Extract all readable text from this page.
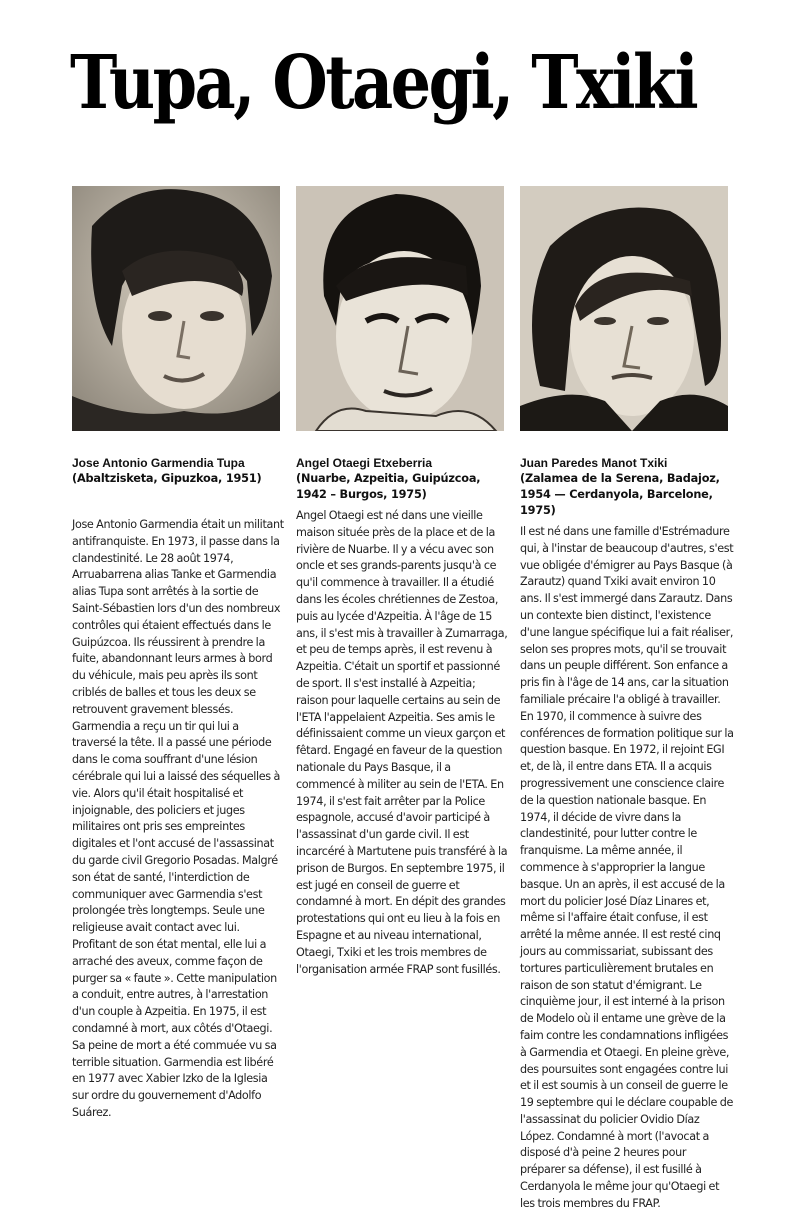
Tupa, Otaegi, Txiki
Jose Antonio Garmendia Tupa
(Abaltzisketa, Gipuzkoa, 1951)

Jose Antonio Garmendia était un militant antifranquiste. En 1973, il passe dans la clandestinité. Le 28 août 1974, Arruabarrena alias Tanke et Garmendia alias Tupa sont arrêtés à la sortie de Saint-Sébastien lors d'un des nombreux contrôles qui étaient effectués dans le Guipúzcoa. Ils réussirent à prendre la fuite, abandonnant leurs armes à bord du véhicule, mais peu après ils sont criblés de balles et tous les deux se retrouvent gravement blessés. Garmendia a reçu un tir qui lui a traversé la tête. Il a passé une période dans le coma souffrant d'une lésion cérébrale qui lui a laissé des séquelles à vie. Alors qu'il était hospitalisé et injoignable, des policiers et juges militaires ont pris ses empreintes digitales et l'ont accusé de l'assassinat du garde civil Gregorio Posadas. Malgré son état de santé, l'interdiction de communiquer avec Garmendia s'est prolongée très longtemps. Seule une religieuse avait contact avec lui. Profitant de son état mental, elle lui a arraché des aveux, comme façon de purger sa « faute ». Cette manipulation a conduit, entre autres, à l'arrestation d'un couple à Azpeitia. En 1975, il est condamné à mort, aux côtés d'Otaegi. Sa peine de mort a été commuée vu sa terrible situation. Garmendia est libéré en 1977 avec Xabier Izko de la Iglesia sur ordre du gouvernement d'Adolfo Suárez.

Angel Otaegi Etxeberria
(Nuarbe, Azpeitia, Guipúzcoa, 1942 – Burgos, 1975)

Angel Otaegi est né dans une vieille maison située près de la place et de la rivière de Nuarbe. Il y a vécu avec son oncle et ses grands-parents jusqu'à ce qu'il commence à travailler. Il a étudié dans les écoles chrétiennes de Zestoa, puis au lycée d'Azpeitia. À l'âge de 15 ans, il s'est mis à travailler à Zumarraga, et peu de temps après, il est revenu à Azpeitia. C'était un sportif et passionné de sport. Il s'est installé à Azpeitia; raison pour laquelle certains au sein de l'ETA l'appelaient Azpeitia. Ses amis le définissaient comme un vieux garçon et fêtard. Engagé en faveur de la question nationale du Pays Basque, il a commencé à militer au sein de l'ETA. En 1974, il s'est fait arrêter par la Police espagnole, accusé d'avoir participé à l'assassinat d'un garde civil. Il est incarcéré à Martutene puis transféré à la prison de Burgos. En septembre 1975, il est jugé en conseil de guerre et condamné à mort. En dépit des grandes protestations qui ont eu lieu à la fois en Espagne et au niveau international, Otaegi, Txiki et les trois membres de l'organisation armée FRAP sont fusillés.

Juan Paredes Manot Txiki
(Zalamea de la Serena, Badajoz, 1954 — Cerdanyola, Barcelone, 1975)

Il est né dans une famille d'Estrémadure qui, à l'instar de beaucoup d'autres, s'est vue obligée d'émigrer au Pays Basque (à Zarautz) quand Txiki avait environ 10 ans. Il s'est immergé dans Zarautz. Dans un contexte bien distinct, l'existence d'une langue spécifique lui a fait réaliser, selon ses propres mots, qu'il se trouvait dans un peuple différent. Son enfance a pris fin à l'âge de 14 ans, car la situation familiale précaire l'a obligé à travailler. En 1970, il commence à suivre des conférences de formation politique sur la question basque. En 1972, il rejoint EGI et, de là, il entre dans ETA. Il a acquis progressivement une conscience claire de la question nationale basque. En 1974, il décide de vivre dans la clandestinité, pour lutter contre le franquisme. La même année, il commence à s'approprier la langue basque. Un an après, il est accusé de la mort du policier José Díaz Linares et, même si l'affaire était confuse, il est arrêté la même année. Il est resté cinq jours au commissariat, subissant des tortures particulièrement brutales en raison de son statut d'émigrant. Le cinquième jour, il est interné à la prison de Modelo où il entame une grève de la faim contre les condamnations infligées à Garmendia et Otaegi. En pleine grève, des poursuites sont engagées contre lui et il est soumis à un conseil de guerre le 19 septembre qui le déclare coupable de l'assassinat du policier Ovidio Díaz López. Condamné à mort (l'avocat a disposé d'à peine 2 heures pour préparer sa défense), il est fusillé à Cerdanyola le même jour qu'Otaegi et les trois membres du FRAP.
